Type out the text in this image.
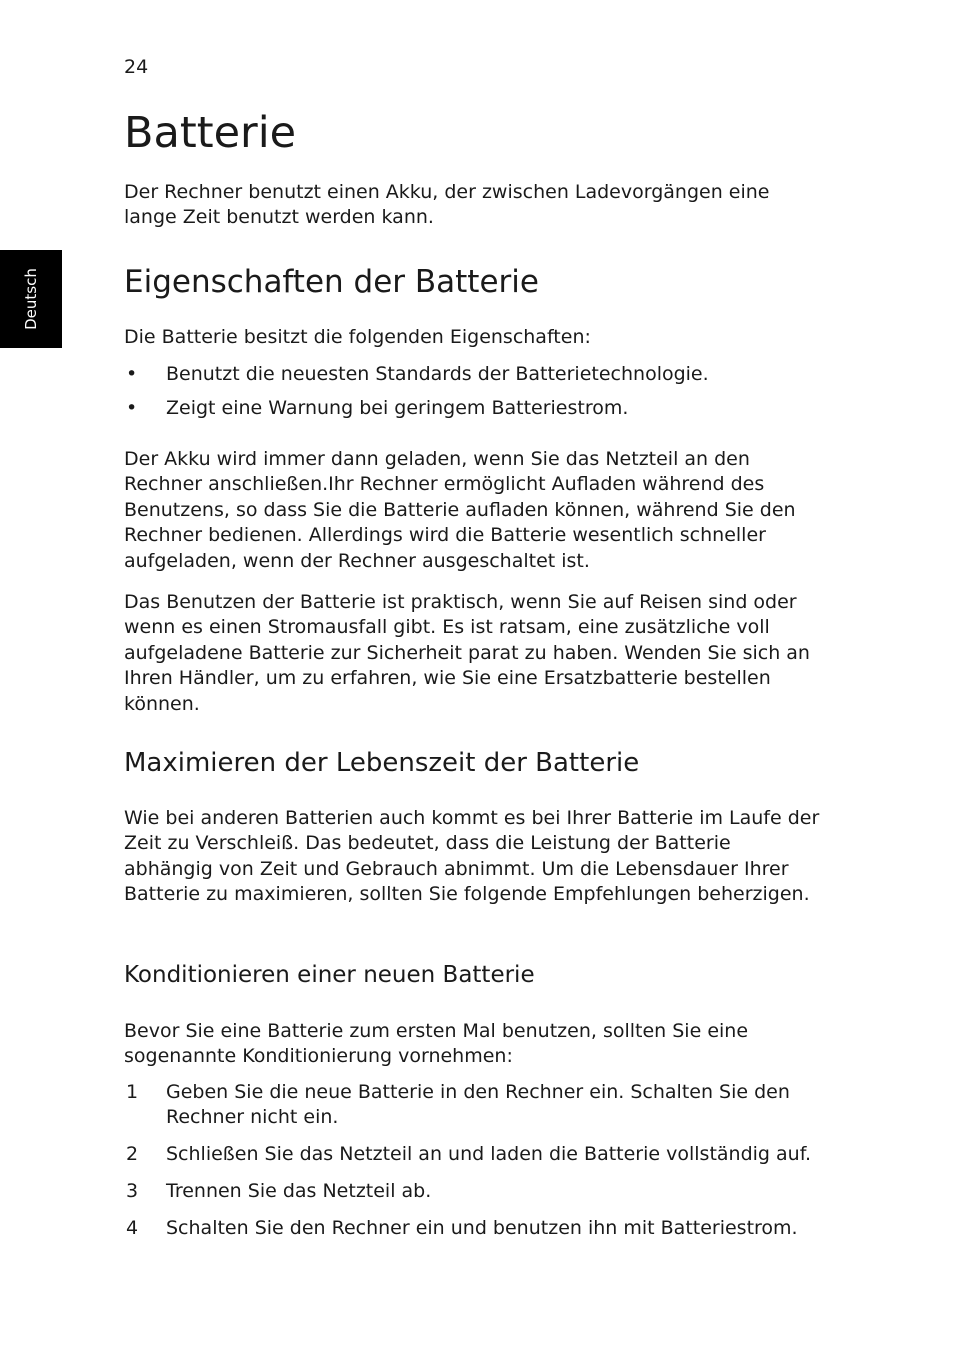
24
Deutsch
Batterie

Der Rechner benutzt einen Akku, der zwischen Ladevorgängen eine lange Zeit benutzt werden kann.

Eigenschaften der Batterie

Die Batterie besitzt die folgenden Eigenschaften:

• Benutzt die neuesten Standards der Batterietechnologie.
• Zeigt eine Warnung bei geringem Batteriestrom.

Der Akku wird immer dann geladen, wenn Sie das Netzteil an den Rechner anschließen.Ihr Rechner ermöglicht Aufladen während des Benutzens, so dass Sie die Batterie aufladen können, während Sie den Rechner bedienen. Allerdings wird die Batterie wesentlich schneller aufgeladen, wenn der Rechner ausgeschaltet ist.

Das Benutzen der Batterie ist praktisch, wenn Sie auf Reisen sind oder wenn es einen Stromausfall gibt. Es ist ratsam, eine zusätzliche voll aufgeladene Batterie zur Sicherheit parat zu haben. Wenden Sie sich an Ihren Händler, um zu erfahren, wie Sie eine Ersatzbatterie bestellen können.

Maximieren der Lebenszeit der Batterie

Wie bei anderen Batterien auch kommt es bei Ihrer Batterie im Laufe der Zeit zu Verschleiß. Das bedeutet, dass die Leistung der Batterie abhängig von Zeit und Gebrauch abnimmt. Um die Lebensdauer Ihrer Batterie zu maximieren, sollten Sie folgende Empfehlungen beherzigen.

Konditionieren einer neuen Batterie

Bevor Sie eine Batterie zum ersten Mal benutzen, sollten Sie eine sogenannte Konditionierung vornehmen:

1 Geben Sie die neue Batterie in den Rechner ein. Schalten Sie den Rechner nicht ein.
2 Schließen Sie das Netzteil an und laden die Batterie vollständig auf.
3 Trennen Sie das Netzteil ab.
4 Schalten Sie den Rechner ein und benutzen ihn mit Batteriestrom.
